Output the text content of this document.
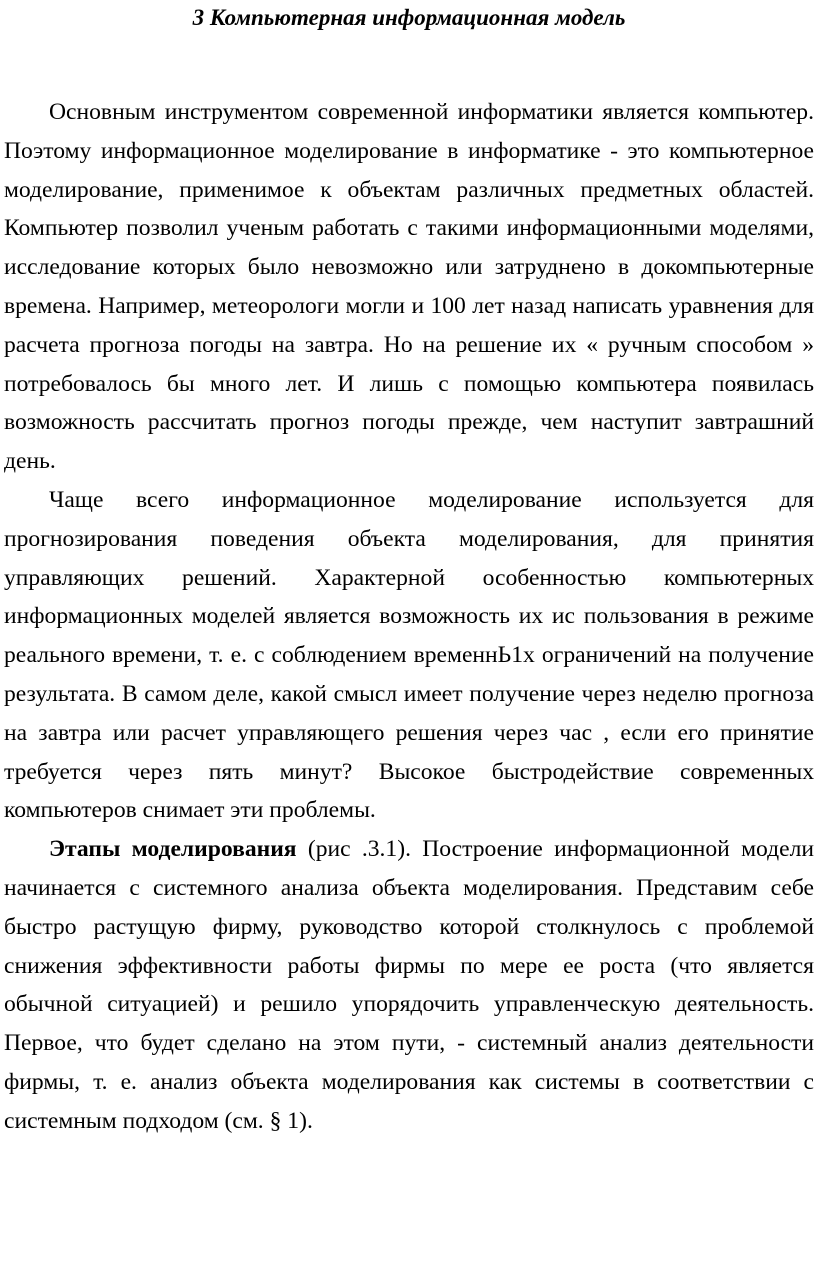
3 Компьютерная информационная модель

Основным инструментом современной информатики является компьютер. Поэтому информационное моделирование в информатике - это компьютерное моделирование, применимое к объектам различных предметных областей. Компьютер позволил ученым работать с такими информационными моделями, исследование которых было невозможно или затруднено в докомпьютерные времена. Например, метеорологи могли и 100 лет назад написать уравнения для расчета прогноза погоды на завтра. Но на решение их « ручным способом » потребовалось бы много лет. И лишь с помощью компьютера появилась возможность рассчитать прогноз погоды прежде, чем наступит завтрашний день.

Чаще всего информационное моделирование используется для прогнозирования поведения объекта моделирования, для принятия управляющих решений. Характерной особенностью компьютерных информационных моделей является возможность их ис пользования в режиме реального времени, т. е. с соблюдением временнЬ1х ограничений на получение результата. В самом деле, какой смысл имеет получение через неделю прогноза на завтра или расчет управляющего решения через час , если его принятие требуется через пять минут? Высокое быстродействие современных компьютеров снимает эти проблемы.

Этапы моделирования (рис .3.1). Построение информационной модели начинается с системного анализа объекта моделирования. Представим себе быстро растущую фирму, руководство которой столкнулось с проблемой снижения эффективности работы фирмы по мере ее роста (что является обычной ситуацией) и решило упорядочить управленческую деятельность. Первое, что будет сделано на этом пути, - системный анализ деятельности фирмы, т. е. анализ объекта моделирования как системы в соответствии с системным подходом (см. § 1).
